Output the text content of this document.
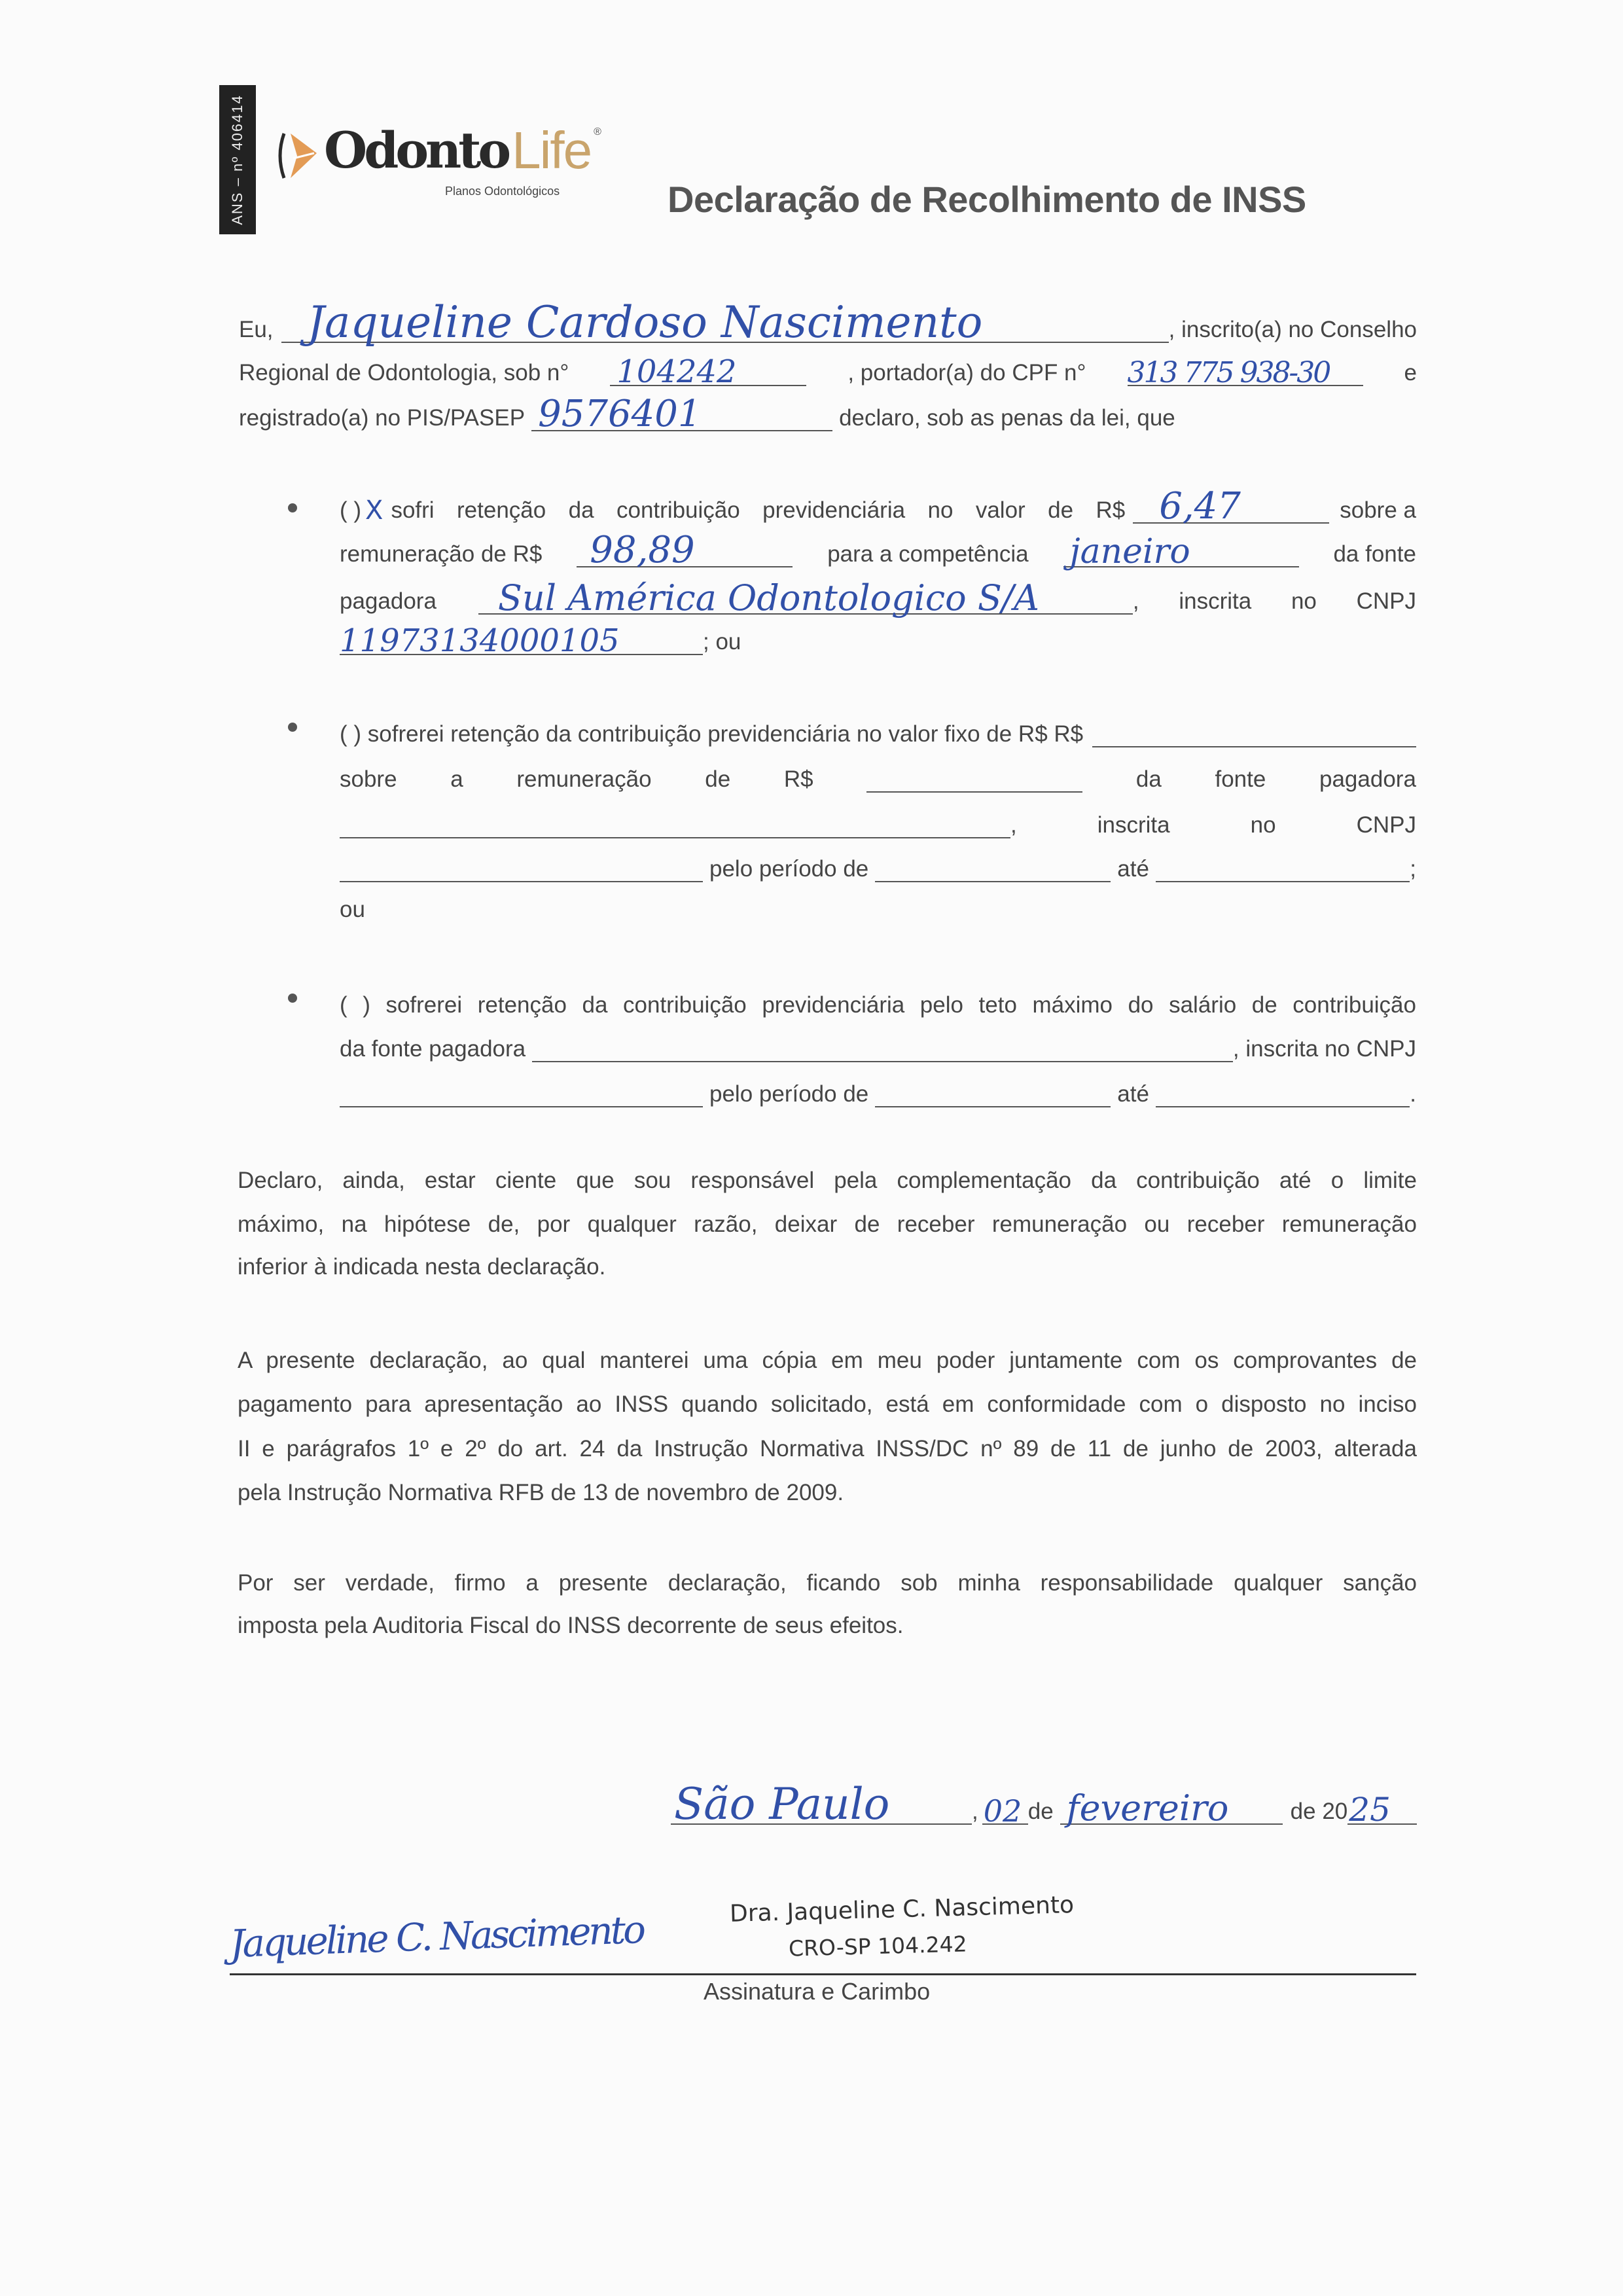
ANS – nº 406414 Odonto Life ®
Planos Odontológicos	Declaração de Recolhimento de INSS
Eu, Jaqueline Cardoso Nascimento	, inscrito(a) no Conselho
Regional de Odontologia, sob n° 104242	, portador(a) do CPF n° 313 775 938-30	e
registrado(a) no PIS/PASEP 9576401	declaro, sob as penas da lei, que
( ) X sofri retenção da contribuição previdenciária no valor de R$ 6,47	sobre a
remuneração de R$ 98,89	para a competência janeiro	da fonte
pagadora Sul América Odontologico S/A	, inscrita no CNPJ
11973134000105	; ou
( ) sofrerei retenção da contribuição previdenciária no valor fixo de R$ R$
sobre a remuneração de R$	da fonte pagadora
,	inscrita	no	CNPJ
pelo período de	até	;
ou
( ) sofrerei retenção da contribuição previdenciária pelo teto máximo do salário de contribuição
da fonte pagadora	, inscrita no CNPJ
pelo período de	até	.
Declaro, ainda, estar ciente que sou responsável pela complementação da contribuição até o limite
máximo, na hipótese de, por qualquer razão, deixar de receber remuneração ou receber remuneração
inferior à indicada nesta declaração.
A presente declaração, ao qual manterei uma cópia em meu poder juntamente com os comprovantes de
pagamento para apresentação ao INSS quando solicitado, está em conformidade com o disposto no inciso
II e parágrafos 1º e 2º do art. 24 da Instrução Normativa INSS/DC nº 89 de 11 de junho de 2003, alterada
pela Instrução Normativa RFB de 13 de novembro de 2009.
Por ser verdade, firmo a presente declaração, ficando sob minha responsabilidade qualquer sanção
imposta pela Auditoria Fiscal do INSS decorrente de seus efeitos.
São Paulo	, 02 de fevereiro	de 20 25
Jaqueline C. Nascimento	Dra. Jaqueline C. Nascimento
CRO-SP 104.242
Assinatura e Carimbo
